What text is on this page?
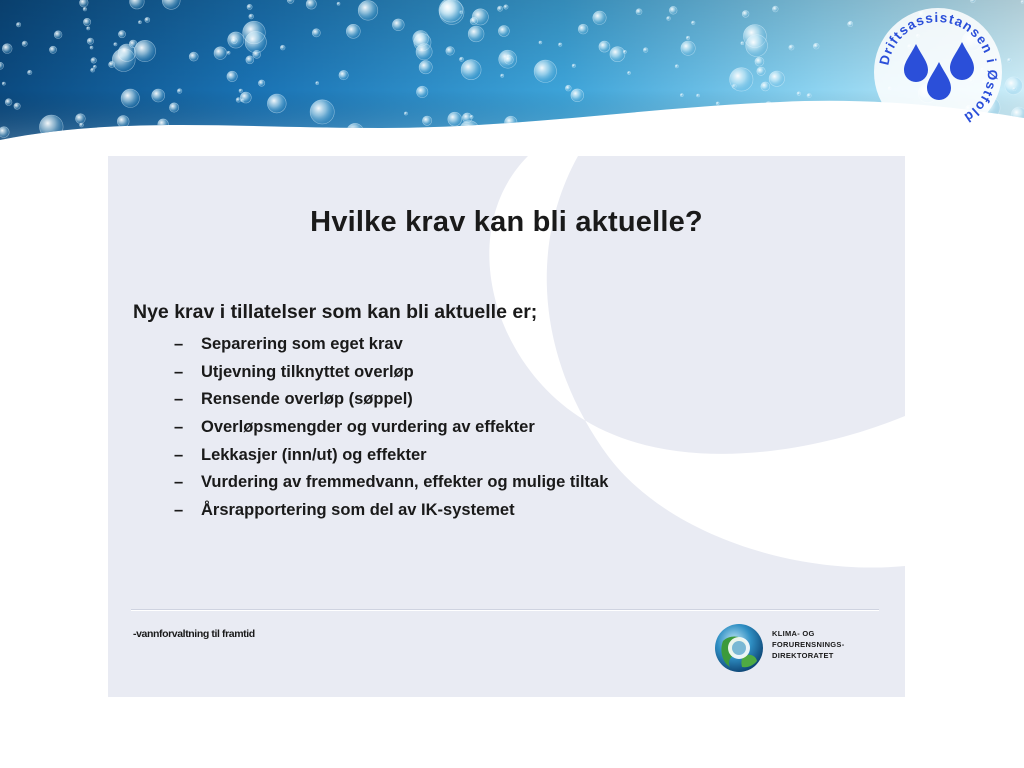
Driftsassistansen i Østfold
Hvilke krav kan bli aktuelle?

Nye krav i tillatelser som kan bli aktuelle er;

– Separering som eget krav
– Utjevning tilknyttet overløp
– Rensende overløp (søppel)
– Overløpsmengder og vurdering av effekter
– Lekkasjer (inn/ut) og effekter
– Vurdering av fremmedvann, effekter og mulige tiltak
– Årsrapportering som del av IK-systemet
-vannforvaltning til framtid	KLIMA- OG
FORURENSNINGS-
DIREKTORATET
